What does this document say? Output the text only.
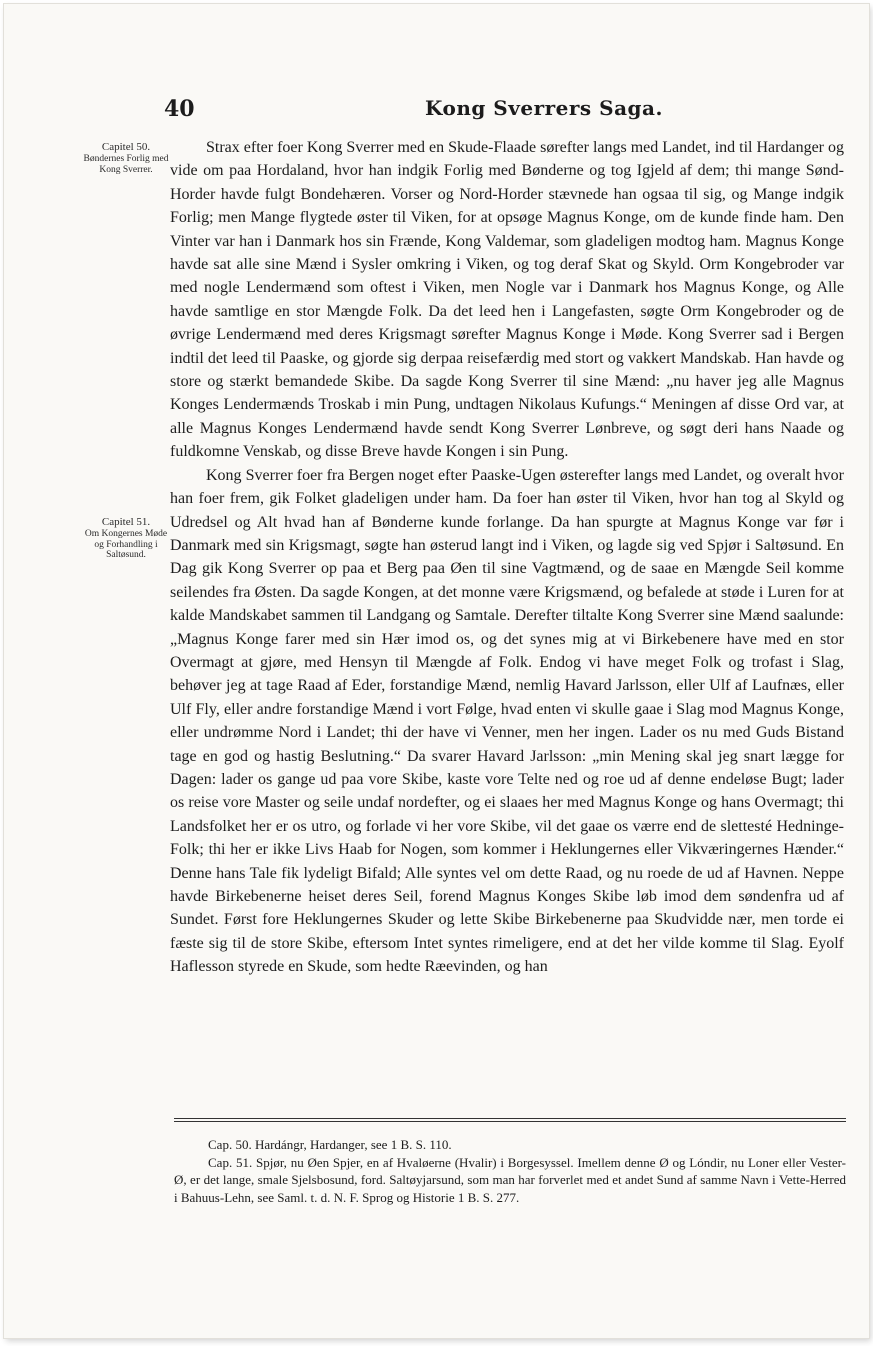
40	Kong Sverrers Saga.
Capitel 50.
Bøndernes Forlig med Kong Sverrer.
Capitel 51.
Om Kongernes Møde og Forhandling i Saltøsund.

Strax efter foer Kong Sverrer med en Skude-Flaade sørefter langs med Landet, ind til Hardanger og vide om paa Hordaland, hvor han indgik Forlig med Bønderne og tog Igjeld af dem; thi mange Sønd-Horder havde fulgt Bondehæren. Vorser og Nord-Horder stævnede han ogsaa til sig, og Mange indgik Forlig; men Mange flygtede øster til Viken, for at opsøge Magnus Konge, om de kunde finde ham. Den Vinter var han i Danmark hos sin Frænde, Kong Valdemar, som gladeligen modtog ham. Magnus Konge havde sat alle sine Mænd i Sysler omkring i Viken, og tog deraf Skat og Skyld. Orm Kongebroder var med nogle Lendermænd som oftest i Viken, men Nogle var i Danmark hos Magnus Konge, og Alle havde samtlige en stor Mængde Folk. Da det leed hen i Langefasten, søgte Orm Kongebroder og de øvrige Lendermænd med deres Krigsmagt sørefter Magnus Konge i Møde. Kong Sverrer sad i Bergen indtil det leed til Paaske, og gjorde sig derpaa reisefærdig med stort og vakkert Mandskab. Han havde og store og stærkt bemandede Skibe. Da sagde Kong Sverrer til sine Mænd: „nu haver jeg alle Magnus Konges Lendermænds Troskab i min Pung, undtagen Nikolaus Kufungs.“ Meningen af disse Ord var, at alle Magnus Konges Lendermænd havde sendt Kong Sverrer Lønbreve, og søgt deri hans Naade og fuldkomne Venskab, og disse Breve havde Kongen i sin Pung.

Kong Sverrer foer fra Bergen noget efter Paaske-Ugen østerefter langs med Landet, og overalt hvor han foer frem, gik Folket gladeligen under ham. Da foer han øster til Viken, hvor han tog al Skyld og Udredsel og Alt hvad han af Bønderne kunde forlange. Da han spurgte at Magnus Konge var før i Danmark med sin Krigsmagt, søgte han østerud langt ind i Viken, og lagde sig ved Spjør i Saltøsund. En Dag gik Kong Sverrer op paa et Berg paa Øen til sine Vagtmænd, og de saae en Mængde Seil komme seilendes fra Østen. Da sagde Kongen, at det monne være Krigsmænd, og befalede at støde i Luren for at kalde Mandskabet sammen til Landgang og Samtale. Derefter tiltalte Kong Sverrer sine Mænd saalunde: „Magnus Konge farer med sin Hær imod os, og det synes mig at vi Birkebenere have med en stor Overmagt at gjøre, med Hensyn til Mængde af Folk. Endog vi have meget Folk og trofast i Slag, behøver jeg at tage Raad af Eder, forstandige Mænd, nemlig Havard Jarlsson, eller Ulf af Laufnæs, eller Ulf Fly, eller andre forstandige Mænd i vort Følge, hvad enten vi skulle gaae i Slag mod Magnus Konge, eller undrømme Nord i Landet; thi der have vi Venner, men her ingen. Lader os nu med Guds Bistand tage en god og hastig Beslutning.“ Da svarer Havard Jarlsson: „min Mening skal jeg snart lægge for Dagen: lader os gange ud paa vore Skibe, kaste vore Telte ned og roe ud af denne endeløse Bugt; lader os reise vore Master og seile undaf nordefter, og ei slaaes her med Magnus Konge og hans Overmagt; thi Landsfolket her er os utro, og forlade vi her vore Skibe, vil det gaae os værre end de slettesté Hedninge-Folk; thi her er ikke Livs Haab for Nogen, som kommer i Heklungernes eller Vikværingernes Hænder.“ Denne hans Tale fik lydeligt Bifald; Alle syntes vel om dette Raad, og nu roede de ud af Havnen. Neppe havde Birkebenerne heiset deres Seil, forend Magnus Konges Skibe løb imod dem søndenfra ud af Sundet. Først fore Heklungernes Skuder og lette Skibe Birkebenerne paa Skudvidde nær, men torde ei fæste sig til de store Skibe, eftersom Intet syntes rimeligere, end at det her vilde komme til Slag. Eyolf Haflesson styrede en Skude, som hedte Ræevinden, og han

Cap. 50. Hardángr, Hardanger, see 1 B. S. 110.

Cap. 51. Spjør, nu Øen Spjer, en af Hvaløerne (Hvalir) i Borgesyssel. Imellem denne Ø og Lóndir, nu Loner eller Vester-Ø, er det lange, smale Sjelsbosund, ford. Saltøyjarsund, som man har forverlet med et andet Sund af samme Navn i Vette-Herred i Bahuus-Lehn, see Saml. t. d. N. F. Sprog og Historie 1 B. S. 277.
